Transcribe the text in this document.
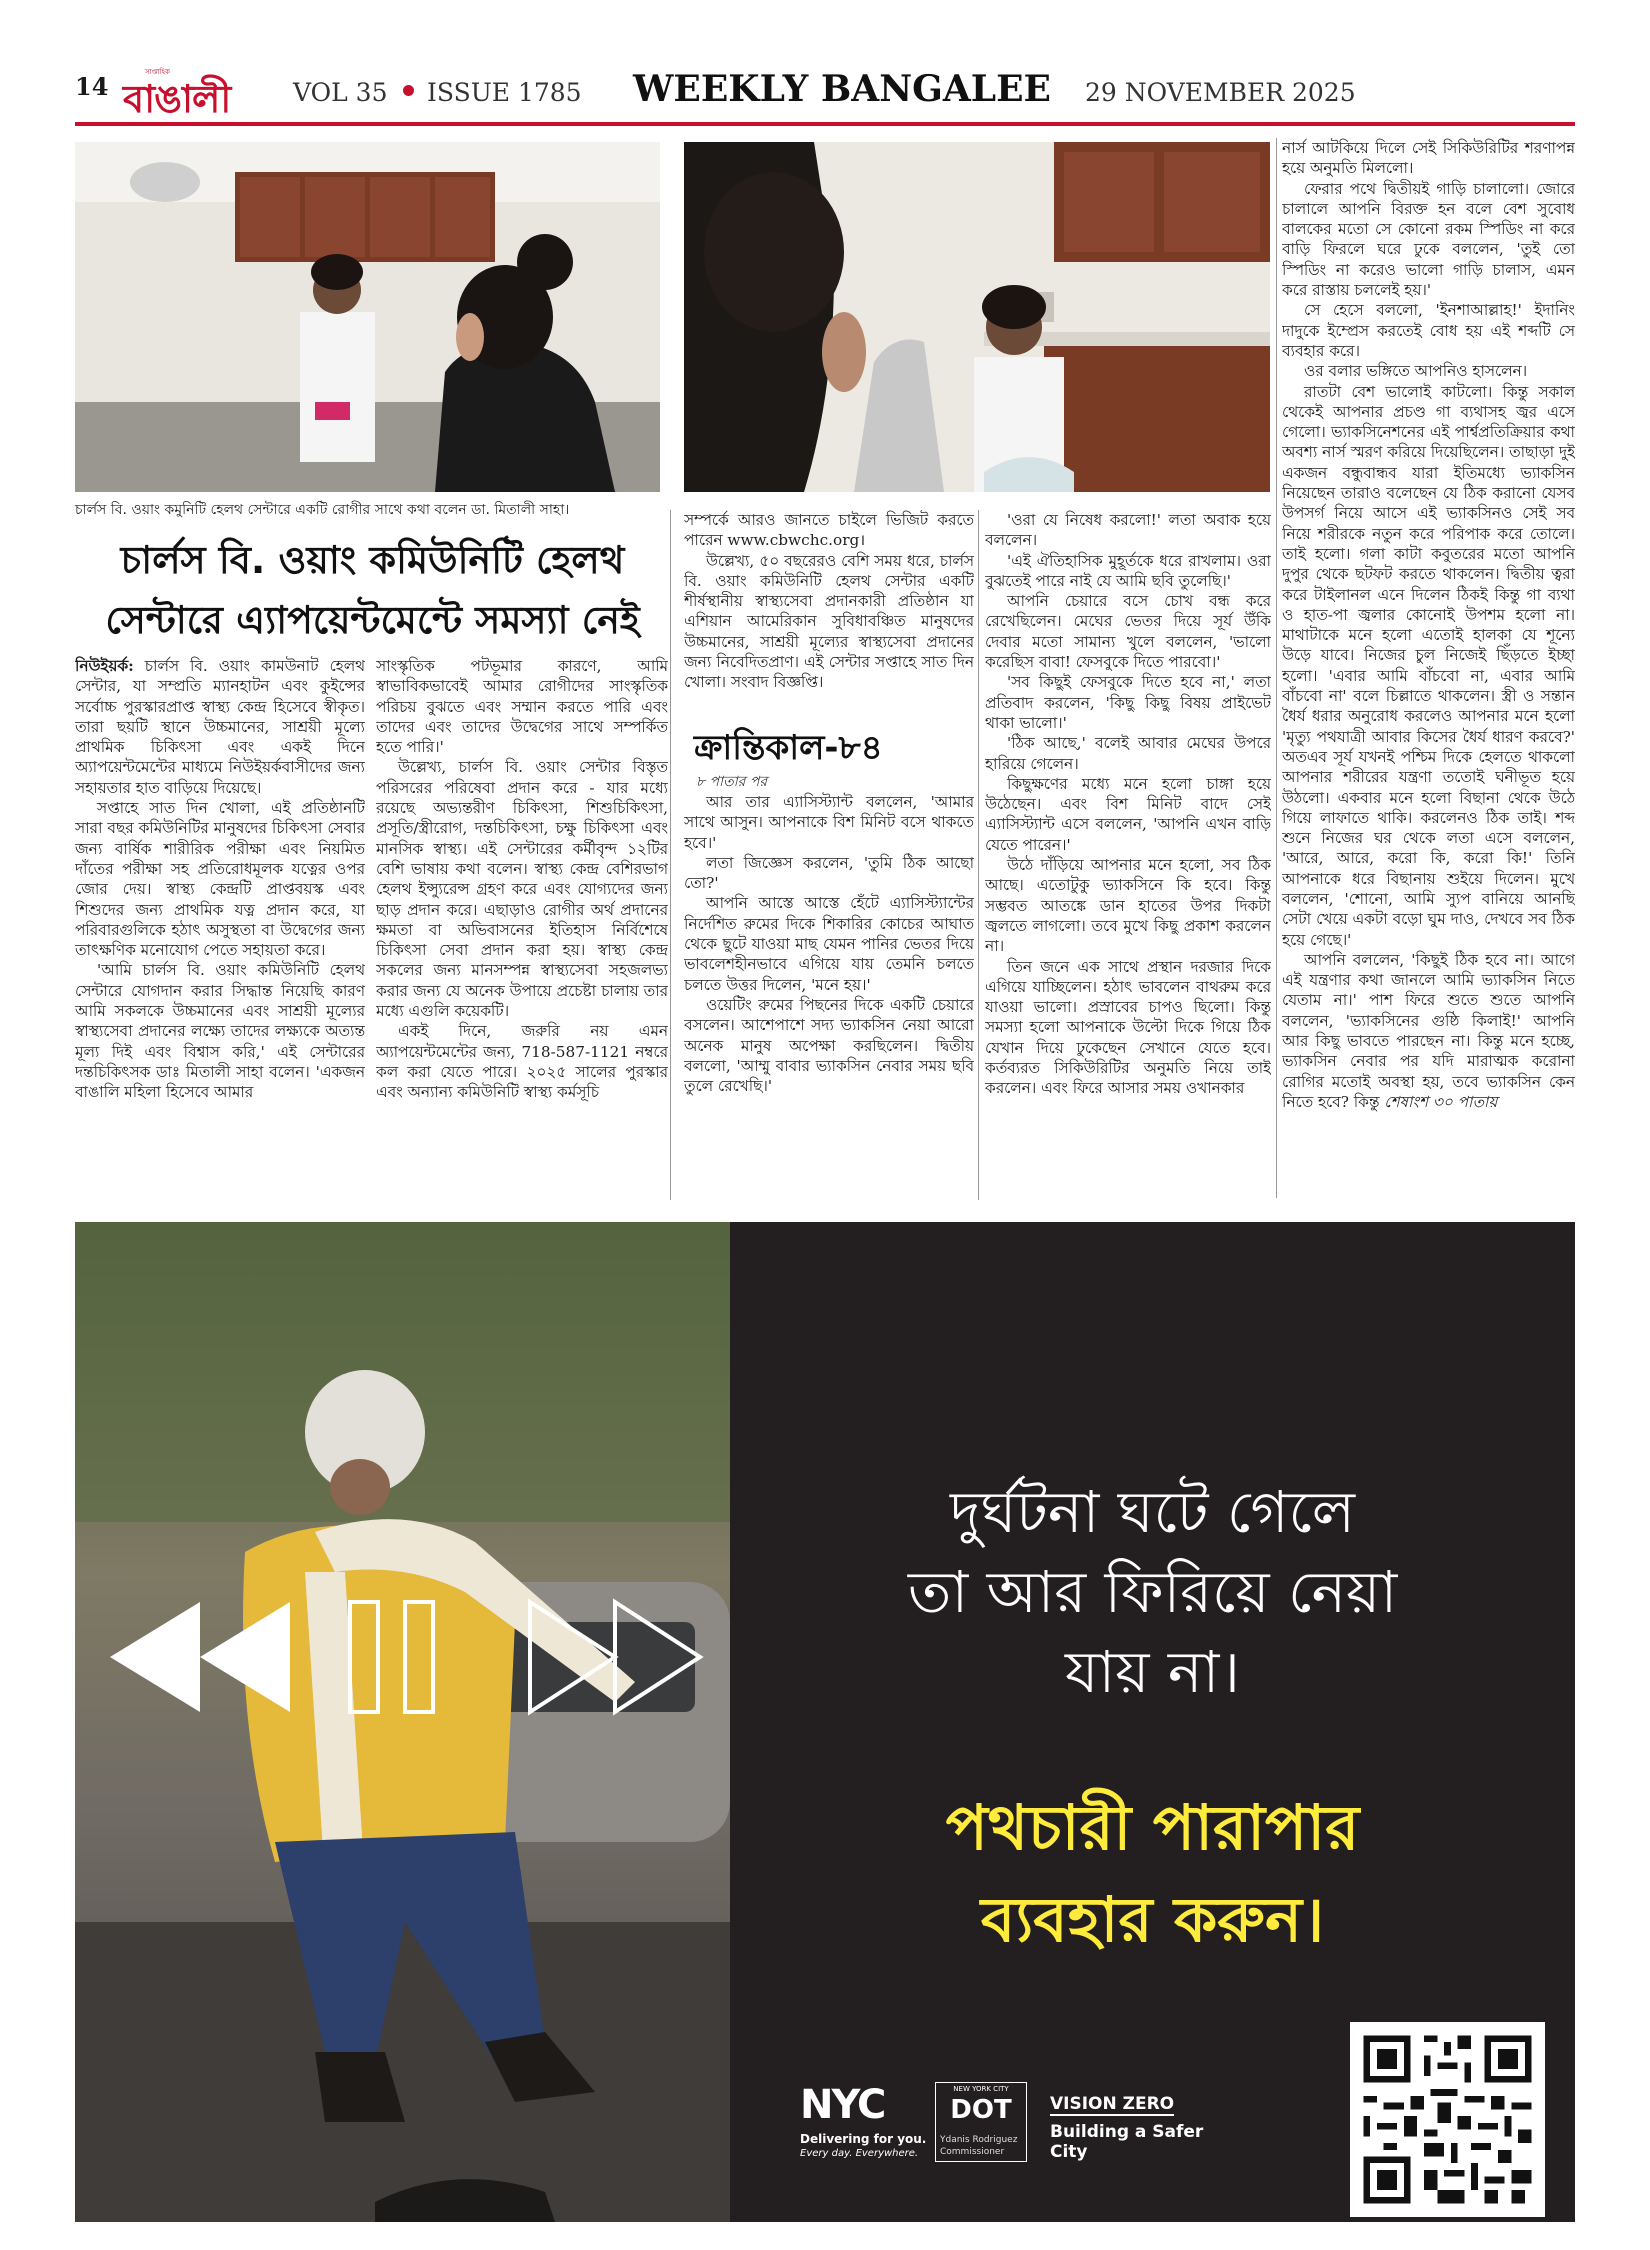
14	সাপ্তাহিক
বাঙালী	VOL 35 ISSUE 1785 WEEKLY BANGALEE 29 NOVEMBER 2025
চার্লস বি. ওয়াং কমুনিটি হেলথ সেন্টারে একটি রোগীর সাথে কথা বলেন ডা. মিতালী সাহা।
চার্লস বি. ওয়াং কমিউনিটি হেলথ
সেন্টারে এ্যাপয়েন্টমেন্টে সমস্যা নেই

নিউইয়র্ক: চার্লস বি. ওয়াং কামউনাট হেলথ সেন্টার, যা সম্প্রতি ম্যানহাটন এবং কুইন্সের সর্বোচ্চ পুরস্কারপ্রাপ্ত স্বাস্থ্য কেন্দ্র হিসেবে স্বীকৃত। তারা ছয়টি স্থানে উচ্চমানের, সাশ্রয়ী মূল্যে প্রাথমিক চিকিৎসা এবং একই দিনে অ্যাপয়েন্টমেন্টের মাধ্যমে নিউইয়র্কবাসীদের জন্য সহায়তার হাত বাড়িয়ে দিয়েছে।

সপ্তাহে সাত দিন খোলা, এই প্রতিষ্ঠানটি সারা বছর কমিউনিটির মানুষদের চিকিৎসা সেবার জন্য বার্ষিক শারীরিক পরীক্ষা এবং নিয়মিত দাঁতের পরীক্ষা সহ প্রতিরোধমূলক যত্নের ওপর জোর দেয়। স্বাস্থ্য কেন্দ্রটি প্রাপ্তবয়স্ক এবং শিশুদের জন্য প্রাথমিক যত্ন প্রদান করে, যা পরিবারগুলিকে হঠাৎ অসুস্থতা বা উদ্বেগের জন্য তাৎক্ষণিক মনোযোগ পেতে সহায়তা করে।

'আমি চার্লস বি. ওয়াং কমিউনিটি হেলথ সেন্টারে যোগদান করার সিদ্ধান্ত নিয়েছি কারণ আমি সকলকে উচ্চমানের এবং সাশ্রয়ী মূল্যের স্বাস্থ্যসেবা প্রদানের লক্ষ্যে তাদের লক্ষ্যকে অত্যন্ত মূল্য দিই এবং বিশ্বাস করি,' এই সেন্টারের দন্তচিকিৎসক ডাঃ মিতালী সাহা বলেন। 'একজন বাঙালি মহিলা হিসেবে আমার

সাংস্কৃতিক পটভূমার কারণে, আমি স্বাভাবিকভাবেই আমার রোগীদের সাংস্কৃতিক পরিচয় বুঝতে এবং সম্মান করতে পারি এবং তাদের এবং তাদের উদ্বেগের সাথে সম্পর্কিত হতে পারি।'

উল্লেখ্য, চার্লস বি. ওয়াং সেন্টার বিস্তৃত পরিসরের পরিষেবা প্রদান করে - যার মধ্যে রয়েছে অভ্যন্তরীণ চিকিৎসা, শিশুচিকিৎসা, প্রসূতি/স্ত্রীরোগ, দন্তচিকিৎসা, চক্ষু চিকিৎসা এবং মানসিক স্বাস্থ্য। এই সেন্টারের কর্মীবৃন্দ ১২টির বেশি ভাষায় কথা বলেন। স্বাস্থ্য কেন্দ্র বেশিরভাগ হেলথ ইন্স্যুরেন্স গ্রহণ করে এবং যোগ্যদের জন্য ছাড় প্রদান করে। এছাড়াও রোগীর অর্থ প্রদানের ক্ষমতা বা অভিবাসনের ইতিহাস নির্বিশেষে চিকিৎসা সেবা প্রদান করা হয়। স্বাস্থ্য কেন্দ্র সকলের জন্য মানসম্পন্ন স্বাস্থ্যসেবা সহজলভ্য করার জন্য যে অনেক উপায়ে প্রচেষ্টা চালায় তার মধ্যে এগুলি কয়েকটি।

একই দিনে, জরুরি নয় এমন অ্যাপয়েন্টমেন্টের জন্য, 718-587-1121 নম্বরে কল করা যেতে পারে। ২০২৫ সালের পুরস্কার এবং অন্যান্য কমিউনিটি স্বাস্থ্য কর্মসূচি

সম্পর্কে আরও জানতে চাইলে ভিজিট করতে পারেন www.cbwchc.org।

উল্লেখ্য, ৫০ বছরেরও বেশি সময় ধরে, চার্লস বি. ওয়াং কমিউনিটি হেলথ সেন্টার একটি শীর্ষস্থানীয় স্বাস্থ্যসেবা প্রদানকারী প্রতিষ্ঠান যা এশিয়ান আমেরিকান সুবিধাবঞ্চিত মানুষদের উচ্চমানের, সাশ্রয়ী মূল্যের স্বাস্থ্যসেবা প্রদানের জন্য নিবেদিতপ্রাণ। এই সেন্টার সপ্তাহে সাত দিন খোলা। সংবাদ বিজ্ঞপ্তি।

ক্রান্তিকাল-৮৪
৮ পাতার পর

আর তার এ্যাসিস্ট্যান্ট বললেন, 'আমার সাথে আসুন। আপনাকে বিশ মিনিট বসে থাকতে হবে।'

লতা জিজ্ঞেস করলেন, 'তুমি ঠিক আছো তো?'

আপনি আস্তে আস্তে হেঁটে এ্যাসিস্ট্যান্টের নির্দেশিত রুমের দিকে শিকারির কোচের আঘাত থেকে ছুটে যাওয়া মাছ যেমন পানির ভেতর দিয়ে ভাবলেশহীনভাবে এগিয়ে যায় তেমনি চলতে চলতে উত্তর দিলেন, 'মনে হয়।'

ওয়েটিং রুমের পিছনের দিকে একটি চেয়ারে বসলেন। আশেপাশে সদ্য ভ্যাকসিন নেয়া আরো অনেক মানুষ অপেক্ষা করছিলেন। দ্বিতীয় বললো, 'আম্মু বাবার ভ্যাকসিন নেবার সময় ছবি তুলে রেখেছি।'

'ওরা যে নিষেধ করলো!' লতা অবাক হয়ে বললেন।

'এই ঐতিহাসিক মুহূর্তকে ধরে রাখলাম। ওরা বুঝতেই পারে নাই যে আমি ছবি তুলেছি।'

আপনি চেয়ারে বসে চোখ বন্ধ করে রেখেছিলেন। মেঘের ভেতর দিয়ে সূর্য উঁকি দেবার মতো সামান্য খুলে বললেন, 'ভালো করেছিস বাবা! ফেসবুকে দিতে পারবো।'

'সব কিছুই ফেসবুকে দিতে হবে না,' লতা প্রতিবাদ করলেন, 'কিছু কিছু বিষয় প্রাইভেট থাকা ভালো।'

'ঠিক আছে,' বলেই আবার মেঘের উপরে হারিয়ে গেলেন।

কিছুক্ষণের মধ্যে মনে হলো চাঙ্গা হয়ে উঠেছেন। এবং বিশ মিনিট বাদে সেই এ্যাসিস্ট্যান্ট এসে বললেন, 'আপনি এখন বাড়ি যেতে পারেন।'

উঠে দাঁড়িয়ে আপনার মনে হলো, সব ঠিক আছে। এতোটুকু ভ্যাকসিনে কি হবে। কিন্তু সম্ভবত আতঙ্কে ডান হাতের উপর দিকটা জ্বলতে লাগলো। তবে মুখে কিছু প্রকাশ করলেন না।

তিন জনে এক সাথে প্রস্থান দরজার দিকে এগিয়ে যাচ্ছিলেন। হঠাৎ ভাবলেন বাথরুম করে যাওয়া ভালো। প্রস্রাবের চাপও ছিলো। কিন্তু সমস্যা হলো আপনাকে উল্টো দিকে গিয়ে ঠিক যেখান দিয়ে ঢুকেছেন সেখানে যেতে হবে। কর্তব্যরত সিকিউরিটির অনুমতি নিয়ে তাই করলেন। এবং ফিরে আসার সময় ওখানকার

নার্স আটকিয়ে দিলে সেই সিকিউরিটির শরণাপন্ন হয়ে অনুমতি মিললো।

ফেরার পথে দ্বিতীয়ই গাড়ি চালালো। জোরে চালালে আপনি বিরক্ত হন বলে বেশ সুবোধ বালকের মতো সে কোনো রকম স্পিডিং না করে বাড়ি ফিরলে ঘরে ঢুকে বললেন, 'তুই তো স্পিডিং না করেও ভালো গাড়ি চালাস, এমন করে রাস্তায় চললেই হয়।'

সে হেসে বললো, 'ইনশাআল্লাহ!' ইদানিং দাদুকে ইম্প্রেস করতেই বোধ হয় এই শব্দটি সে ব্যবহার করে।

ওর বলার ভঙ্গিতে আপনিও হাসলেন।

রাতটা বেশ ভালোই কাটলো। কিন্তু সকাল থেকেই আপনার প্রচণ্ড গা ব্যথাসহ জ্বর এসে গেলো। ভ্যাকসিনেশনের এই পার্শ্বপ্রতিক্রিয়ার কথা অবশ্য নার্স স্মরণ করিয়ে দিয়েছিলেন। তাছাড়া দুই একজন বন্ধুবান্ধব যারা ইতিমধ্যে ভ্যাকসিন নিয়েছেন তারাও বলেছেন যে ঠিক করানো যেসব উপসর্গ নিয়ে আসে এই ভ্যাকসিনও সেই সব নিয়ে শরীরকে নতুন করে পরিপাক করে তোলে। তাই হলো। গলা কাটা কবুতরের মতো আপনি দুপুর থেকে ছটফট করতে থাকলেন। দ্বিতীয় ত্বরা করে টাইলানল এনে দিলেন ঠিকই কিন্তু গা ব্যথা ও হাত-পা জ্বলার কোনোই উপশম হলো না। মাথাটাকে মনে হলো এতোই হালকা যে শূন্যে উড়ে যাবে। নিজের চুল নিজেই ছিঁড়তে ইচ্ছা হলো। 'এবার আমি বাঁচবো না, এবার আমি বাঁচবো না' বলে চিল্লাতে থাকলেন। স্ত্রী ও সন্তান ধৈর্য ধরার অনুরোধ করলেও আপনার মনে হলো 'মৃত্যু পথযাত্রী আবার কিসের ধৈর্য ধারণ করবে?' অতএব সূর্য যখনই পশ্চিম দিকে হেলতে থাকলো আপনার শরীরের যন্ত্রণা ততোই ঘনীভূত হয়ে উঠলো। একবার মনে হলো বিছানা থেকে উঠে গিয়ে লাফাতে থাকি। করলেনও ঠিক তাই। শব্দ শুনে নিজের ঘর থেকে লতা এসে বললেন, 'আরে, আরে, করো কি, করো কি!' তিনি আপনাকে ধরে বিছানায় শুইয়ে দিলেন। মুখে বললেন, 'শোনো, আমি স্যুপ বানিয়ে আনছি সেটা খেয়ে একটা বড়ো ঘুম দাও, দেখবে সব ঠিক হয়ে গেছে।'

আপনি বললেন, 'কিছুই ঠিক হবে না। আগে এই যন্ত্রণার কথা জানলে আমি ভ্যাকসিন নিতে যেতাম না।' পাশ ফিরে শুতে শুতে আপনি বললেন, 'ভ্যাকসিনের গুষ্ঠি কিলাই!' আপনি আর কিছু ভাবতে পারছেন না। কিন্তু মনে হচ্ছে, ভ্যাকসিন নেবার পর যদি মারাত্মক করোনা রোগির মতোই অবস্থা হয়, তবে ভ্যাকসিন কেন নিতে হবে? কিন্তু শেষাংশ ৩০ পাতায়

দুর্ঘটনা ঘটে গেলে
তা আর ফিরিয়ে নেয়া
যায় না।
পথচারী পারাপার
ব্যবহার করুন।
NYC
Delivering for you.
Every day. Everywhere.
NEW YORK CITY
DOT
Ydanis Rodriguez
Commissioner
VISION ZERO
Building a Safer City
